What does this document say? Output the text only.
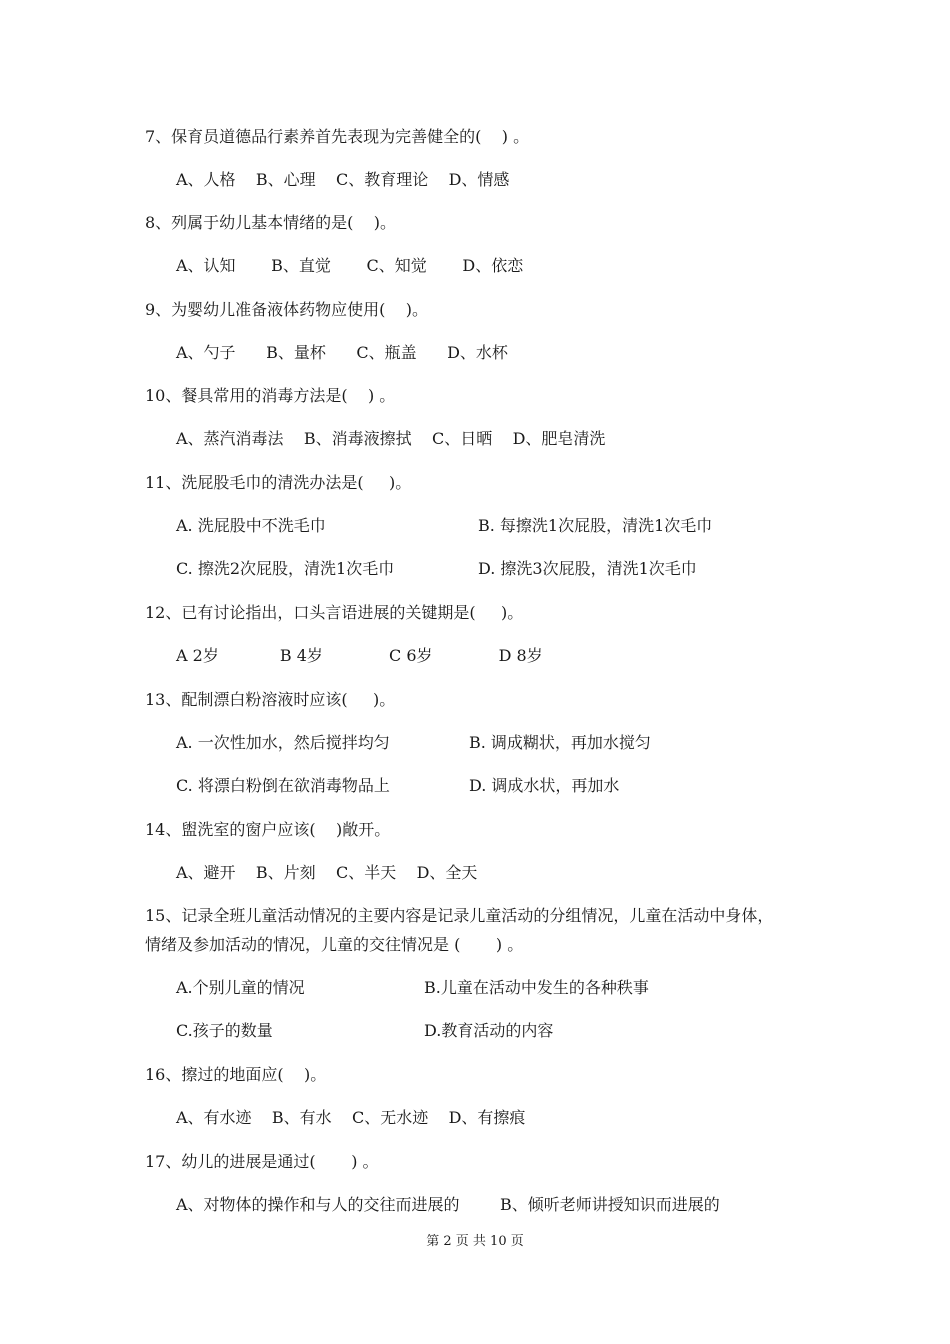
7、保育员道德品行素养首先表现为完善健全的(    ) 。
A、人格    B、心理    C、教育理论    D、情感
8、列属于幼儿基本情绪的是(    )。
A、认知       B、直觉       C、知觉       D、依恋
9、为婴幼儿准备液体药物应使用(    )。
A、勺子      B、量杯      C、瓶盖      D、水杯
10、餐具常用的消毒方法是(    ) 。
A、蒸汽消毒法    B、消毒液擦拭    C、日晒    D、肥皂清洗
11、洗屁股毛巾的清洗办法是(     )。
A. 洗屁股中不洗毛巾	B. 每擦洗1次屁股，清洗1次毛巾
C. 擦洗2次屁股，清洗1次毛巾	D. 擦洗3次屁股，清洗1次毛巾
12、已有讨论指出，口头言语进展的关键期是(     )。
A 2岁            B 4岁             C 6岁             D 8岁
13、配制漂白粉溶液时应该(     )。
A. 一次性加水，然后搅拌均匀	B. 调成糊状，再加水搅匀
C. 将漂白粉倒在欲消毒物品上	D. 调成水状，再加水
14、盥洗室的窗户应该(    )敞开。
A、避开    B、片刻    C、半天    D、全天
15、记录全班儿童活动情况的主要内容是记录儿童活动的分组情况，儿童在活动中身体，
情绪及参加活动的情况，儿童的交往情况是 (       ) 。
A.个别儿童的情况	B.儿童在活动中发生的各种秩事
C.孩子的数量	D.教育活动的内容
16、擦过的地面应(    )。
A、有水迹    B、有水    C、无水迹    D、有擦痕
17、幼儿的进展是通过(       ) 。
A、对物体的操作和与人的交往而进展的	B、倾听老师讲授知识而进展的
第 2 页 共 10 页
